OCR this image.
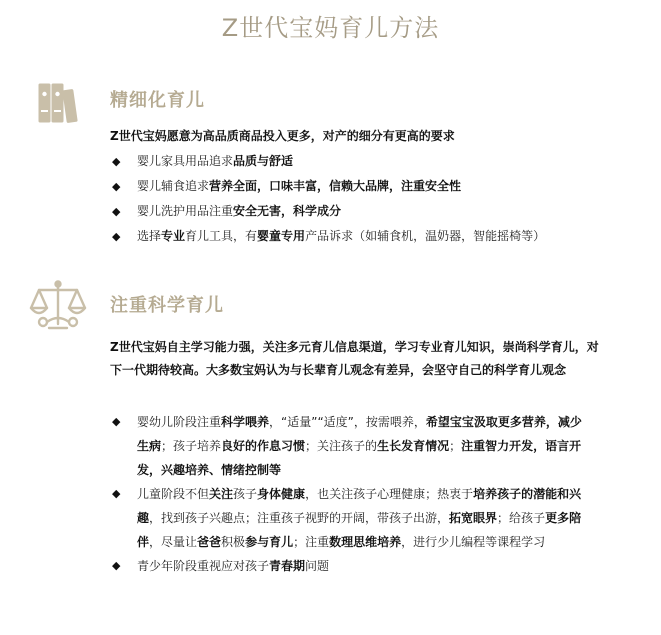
Z世代宝妈育儿方法
精细化育儿
Z世代宝妈愿意为高品质商品投入更多，对产的细分有更高的要求
◆ 婴儿家具用品追求品质与舒适
◆ 婴儿辅食追求营养全面，口味丰富，信赖大品牌，注重安全性
◆ 婴儿洗护用品注重安全无害，科学成分
◆ 选择专业育儿工具，有婴童专用产品诉求（如辅食机，温奶器，智能摇椅等）
注重科学育儿
Z世代宝妈自主学习能力强，关注多元育儿信息渠道，学习专业育儿知识，崇尚科学育儿，对下一代期待较高。大多数宝妈认为与长辈育儿观念有差异，会坚守自己的科学育儿观念
◆ 婴幼儿阶段注重科学喂养，“适量”“适度”，按需喂养，希望宝宝汲取更多营养，减少生病；孩子培养良好的作息习惯；关注孩子的生长发育情况；注重智力开发，语言开发，兴趣培养、情绪控制等
◆ 儿童阶段不但关注孩子身体健康，也关注孩子心理健康；热衷于培养孩子的潜能和兴趣，找到孩子兴趣点；注重孩子视野的开阔，带孩子出游，拓宽眼界；给孩子更多陪伴，尽量让爸爸积极参与育儿；注重数理思维培养，进行少儿编程等课程学习
◆ 青少年阶段重视应对孩子青春期问题
